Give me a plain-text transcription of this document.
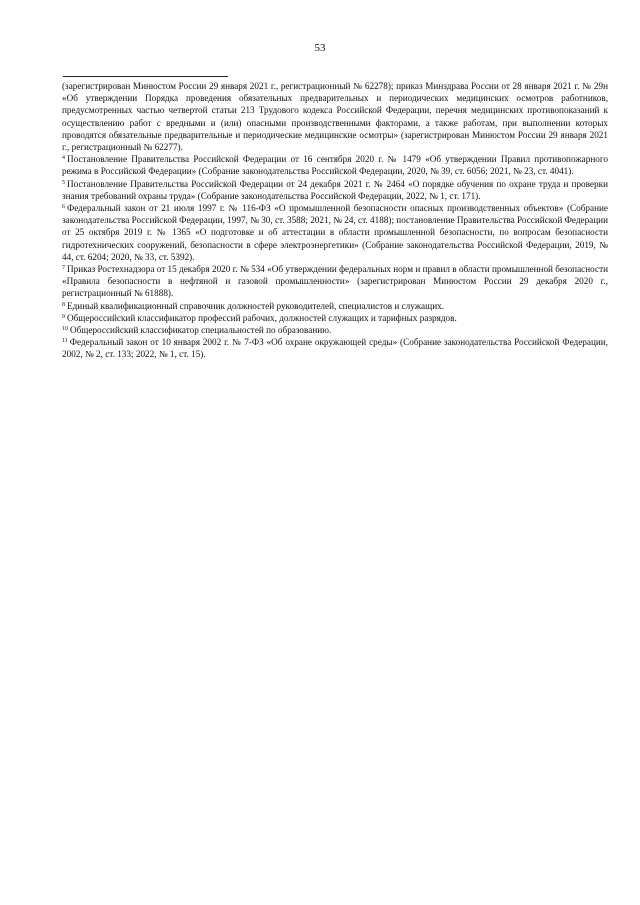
53

(зарегистрирован Минюстом России 29 января 2021 г., регистрационный № 62278); приказ Минздрава России от 28 января 2021 г. № 29н «Об утверждении Порядка проведения обязательных предварительных и периодических медицинских осмотров работников, предусмотренных частью четвертой статьи 213 Трудового кодекса Российской Федерации, перечня медицинских противопоказаний к осуществлению работ с вредными и (или) опасными производственными факторами, а также работам, при выполнении которых проводятся обязательные предварительные и периодические медицинские осмотры» (зарегистрирован Минюстом России 29 января 2021 г., регистрационный № 62277).

$^4$ Постановление Правительства Российской Федерации от 16 сентября 2020 г. № 1479 «Об утверждении Правил противопожарного режима в Российской Федерации» (Собрание законодательства Российской Федерации, 2020, № 39, ст. 6056; 2021, № 23, ст. 4041).

$^5$ Постановление Правительства Российской Федерации от 24 декабря 2021 г. № 2464 «О порядке обучения по охране труда и проверки знания требований охраны труда» (Собрание законодательства Российской Федерации, 2022, № 1, ст. 171).

$^6$ Федеральный закон от 21 июля 1997 г. № 116-ФЗ «О промышленной безопасности опасных производственных объектов» (Собрание законодательства Российской Федерации, 1997, № 30, ст. 3588; 2021, № 24, ст. 4188); постановление Правительства Российской Федерации от 25 октября 2019 г. № 1365 «О подготовке и об аттестации в области промышленной безопасности, по вопросам безопасности гидротехнических сооружений, безопасности в сфере электроэнергетики» (Собрание законодательства Российской Федерации, 2019, № 44, ст. 6204; 2020, № 33, ст. 5392).

$^7$ Приказ Ростехнадзора от 15 декабря 2020 г. № 534 «Об утверждении федеральных норм и правил в области промышленной безопасности «Правила безопасности в нефтяной и газовой промышленности» (зарегистрирован Минюстом России 29 декабря 2020 г., регистрационный № 61888).

$^8$ Единый квалификационный справочник должностей руководителей, специалистов и служащих.

$^9$ Общероссийский классификатор профессий рабочих, должностей служащих и тарифных разрядов.

$^{10}$ Общероссийский классификатор специальностей по образованию.

$^{11}$ Федеральный закон от 10 января 2002 г. № 7-ФЗ «Об охране окружающей среды» (Собрание законодательства Российской Федерации, 2002, № 2, ст. 133; 2022, № 1, ст. 15).
